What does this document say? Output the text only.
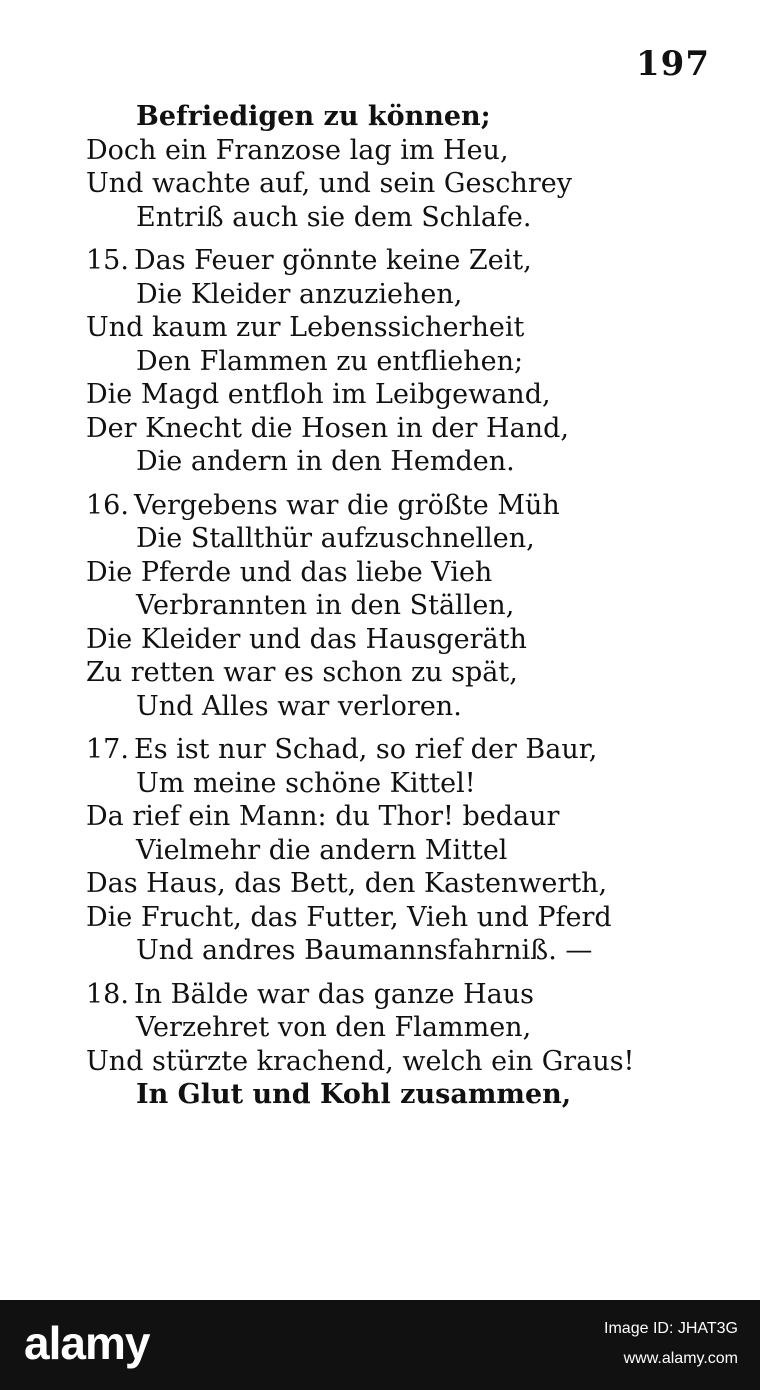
197
Befriedigen zu können;
Doch ein Franzose lag im Heu,
Und wachte auf, und sein Geschrey
Entriß auch sie dem Schlafe.
15. Das Feuer gönnte keine Zeit,
Die Kleider anzuziehen,
Und kaum zur Lebenssicherheit
Den Flammen zu entfliehen;
Die Magd entfloh im Leibgewand,
Der Knecht die Hosen in der Hand,
Die andern in den Hemden.
16. Vergebens war die größte Müh
Die Stallthür aufzuschnellen,
Die Pferde und das liebe Vieh
Verbrannten in den Ställen,
Die Kleider und das Hausgeräth
Zu retten war es schon zu spät,
Und Alles war verloren.
17. Es ist nur Schad, so rief der Baur,
Um meine schöne Kittel!
Da rief ein Mann: du Thor! bedaur
Vielmehr die andern Mittel
Das Haus, das Bett, den Kastenwerth,
Die Frucht, das Futter, Vieh und Pferd
Und andres Baumannsfahrniß. —
18. In Bälde war das ganze Haus
Verzehret von den Flammen,
Und stürzte krachend, welch ein Graus!
In Glut und Kohl zusammen,
alamy	Image ID: JHAT3G
www.alamy.com
